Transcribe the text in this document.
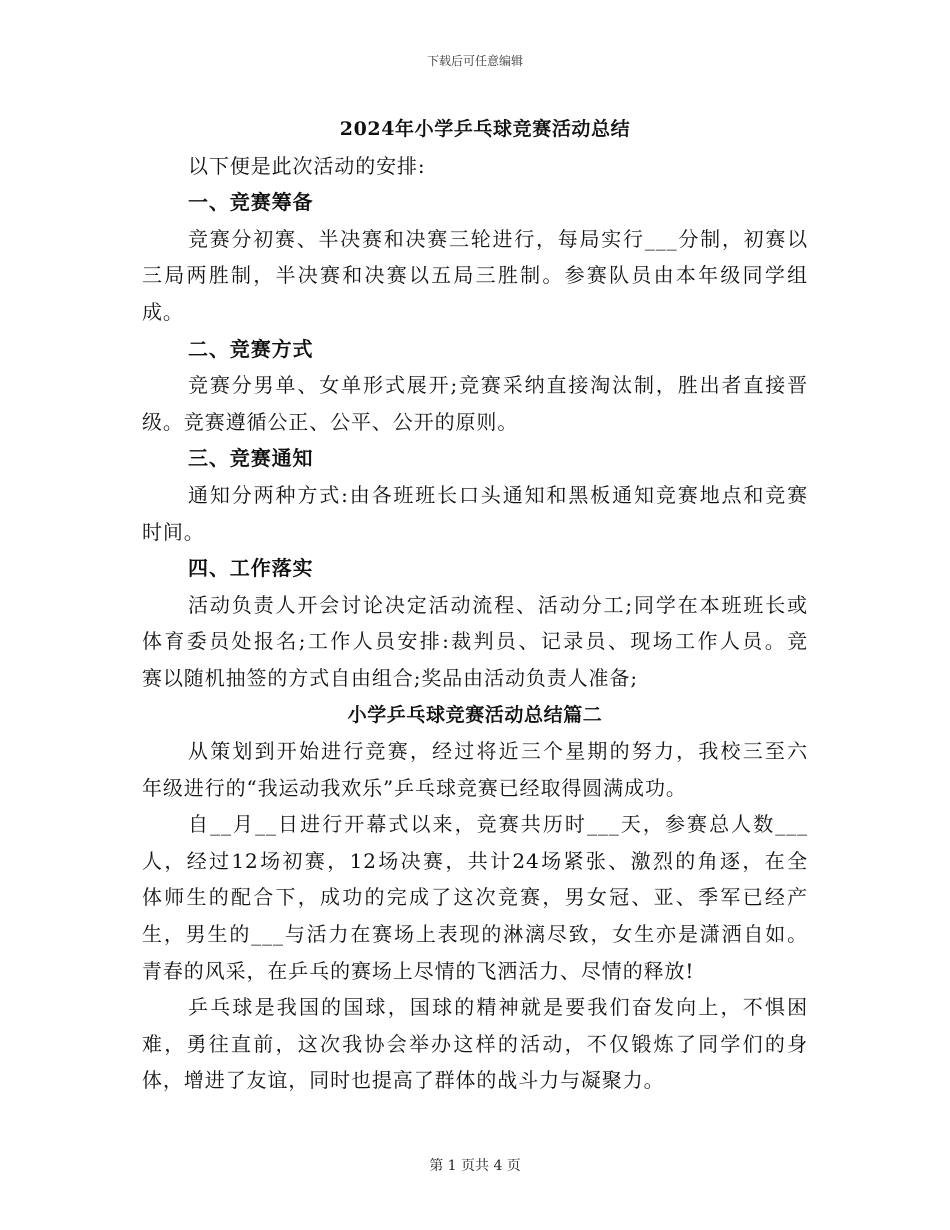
下载后可任意编辑
2024年小学乒乓球竞赛活动总结
以下便是此次活动的安排:
一、竞赛筹备
竞赛分初赛、半决赛和决赛三轮进行，每局实行___分制，初赛以
三局两胜制，半决赛和决赛以五局三胜制。参赛队员由本年级同学组
成。
二、竞赛方式
竞赛分男单、女单形式展开;竞赛采纳直接淘汰制，胜出者直接晋
级。竞赛遵循公正、公平、公开的原则。
三、竞赛通知
通知分两种方式:由各班班长口头通知和黑板通知竞赛地点和竞赛
时间。
四、工作落实
活动负责人开会讨论决定活动流程、活动分工;同学在本班班长或
体育委员处报名;工作人员安排:裁判员、记录员、现场工作人员。竞
赛以随机抽签的方式自由组合;奖品由活动负责人准备;
小学乒乓球竞赛活动总结篇二
从策划到开始进行竞赛，经过将近三个星期的努力，我校三至六
年级进行的“我运动我欢乐”乒乓球竞赛已经取得圆满成功。
自__月__日进行开幕式以来，竞赛共历时___天，参赛总人数___
人，经过12场初赛，12场决赛，共计24场紧张、激烈的角逐，在全
体师生的配合下，成功的完成了这次竞赛，男女冠、亚、季军已经产
生，男生的___与活力在赛场上表现的淋漓尽致，女生亦是潇洒自如。
青春的风采，在乒乓的赛场上尽情的飞洒活力、尽情的释放!
乒乓球是我国的国球，国球的精神就是要我们奋发向上，不惧困
难，勇往直前，这次我协会举办这样的活动，不仅锻炼了同学们的身
体，增进了友谊，同时也提高了群体的战斗力与凝聚力。
第 1 页共 4 页
